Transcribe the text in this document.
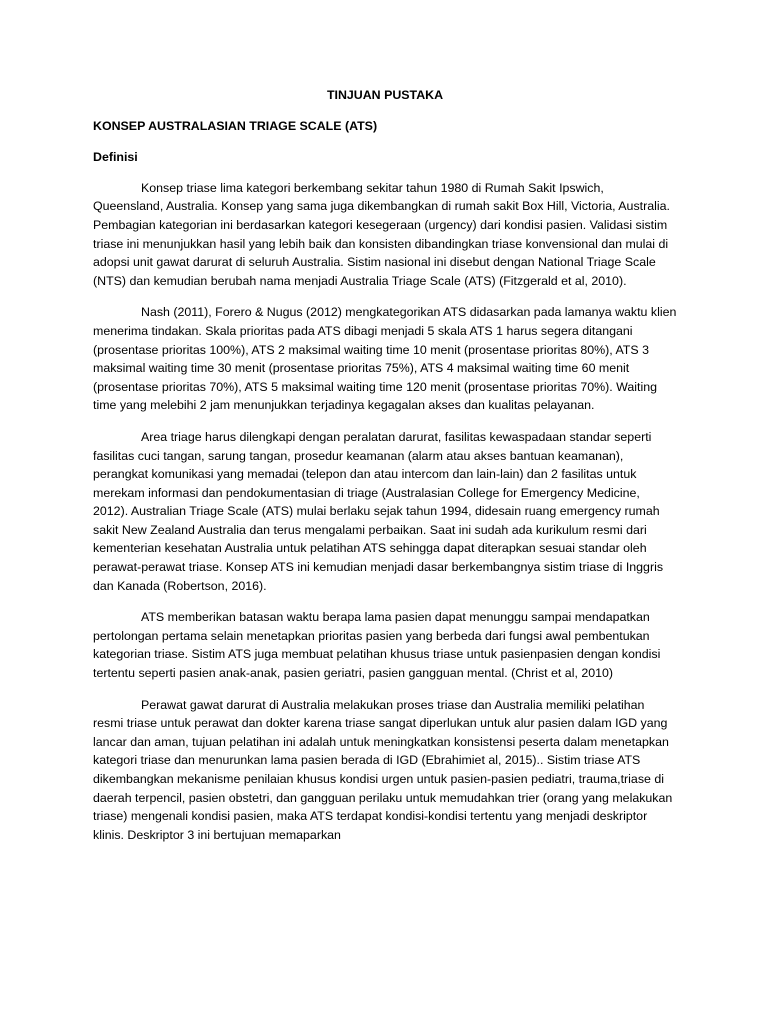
TINJUAN PUSTAKA
KONSEP AUSTRALASIAN TRIAGE SCALE (ATS)
Definisi

Konsep triase lima kategori berkembang sekitar tahun 1980 di Rumah Sakit Ipswich, Queensland, Australia. Konsep yang sama juga dikembangkan di rumah sakit Box Hill, Victoria, Australia. Pembagian kategorian ini berdasarkan kategori kesegeraan (urgency) dari kondisi pasien. Validasi sistim triase ini menunjukkan hasil yang lebih baik dan konsisten dibandingkan triase konvensional dan mulai di adopsi unit gawat darurat di seluruh Australia. Sistim nasional ini disebut dengan National Triage Scale (NTS) dan kemudian berubah nama menjadi Australia Triage Scale (ATS) (Fitzgerald et al, 2010).

Nash (2011), Forero & Nugus (2012) mengkategorikan ATS didasarkan pada lamanya waktu klien menerima tindakan. Skala prioritas pada ATS dibagi menjadi 5 skala ATS 1 harus segera ditangani (prosentase prioritas 100%), ATS 2 maksimal waiting time 10 menit (prosentase prioritas 80%), ATS 3 maksimal waiting time 30 menit (prosentase prioritas 75%), ATS 4 maksimal waiting time 60 menit (prosentase prioritas 70%), ATS 5 maksimal waiting time 120 menit (prosentase prioritas 70%). Waiting time yang melebihi 2 jam menunjukkan terjadinya kegagalan akses dan kualitas pelayanan.

Area triage harus dilengkapi dengan peralatan darurat, fasilitas kewaspadaan standar seperti fasilitas cuci tangan, sarung tangan, prosedur keamanan (alarm atau akses bantuan keamanan), perangkat komunikasi yang memadai (telepon dan atau intercom dan lain-lain) dan 2 fasilitas untuk merekam informasi dan pendokumentasian di triage (Australasian College for Emergency Medicine, 2012). Australian Triage Scale (ATS) mulai berlaku sejak tahun 1994, didesain ruang emergency rumah sakit New Zealand Australia dan terus mengalami perbaikan. Saat ini sudah ada kurikulum resmi dari kementerian kesehatan Australia untuk pelatihan ATS sehingga dapat diterapkan sesuai standar oleh perawat-perawat triase. Konsep ATS ini kemudian menjadi dasar berkembangnya sistim triase di Inggris dan Kanada (Robertson, 2016).

ATS memberikan batasan waktu berapa lama pasien dapat menunggu sampai mendapatkan pertolongan pertama selain menetapkan prioritas pasien yang berbeda dari fungsi awal pembentukan kategorian triase. Sistim ATS juga membuat pelatihan khusus triase untuk pasienpasien dengan kondisi tertentu seperti pasien anak-anak, pasien geriatri, pasien gangguan mental. (Christ et al, 2010)

Perawat gawat darurat di Australia melakukan proses triase dan Australia memiliki pelatihan resmi triase untuk perawat dan dokter karena triase sangat diperlukan untuk alur pasien dalam IGD yang lancar dan aman, tujuan pelatihan ini adalah untuk meningkatkan konsistensi peserta dalam menetapkan kategori triase dan menurunkan lama pasien berada di IGD (Ebrahimiet al, 2015).. Sistim triase ATS dikembangkan mekanisme penilaian khusus kondisi urgen untuk pasien-pasien pediatri, trauma,triase di daerah terpencil, pasien obstetri, dan gangguan perilaku untuk memudahkan trier (orang yang melakukan triase) mengenali kondisi pasien, maka ATS terdapat kondisi-kondisi tertentu yang menjadi deskriptor klinis. Deskriptor 3 ini bertujuan memaparkan
